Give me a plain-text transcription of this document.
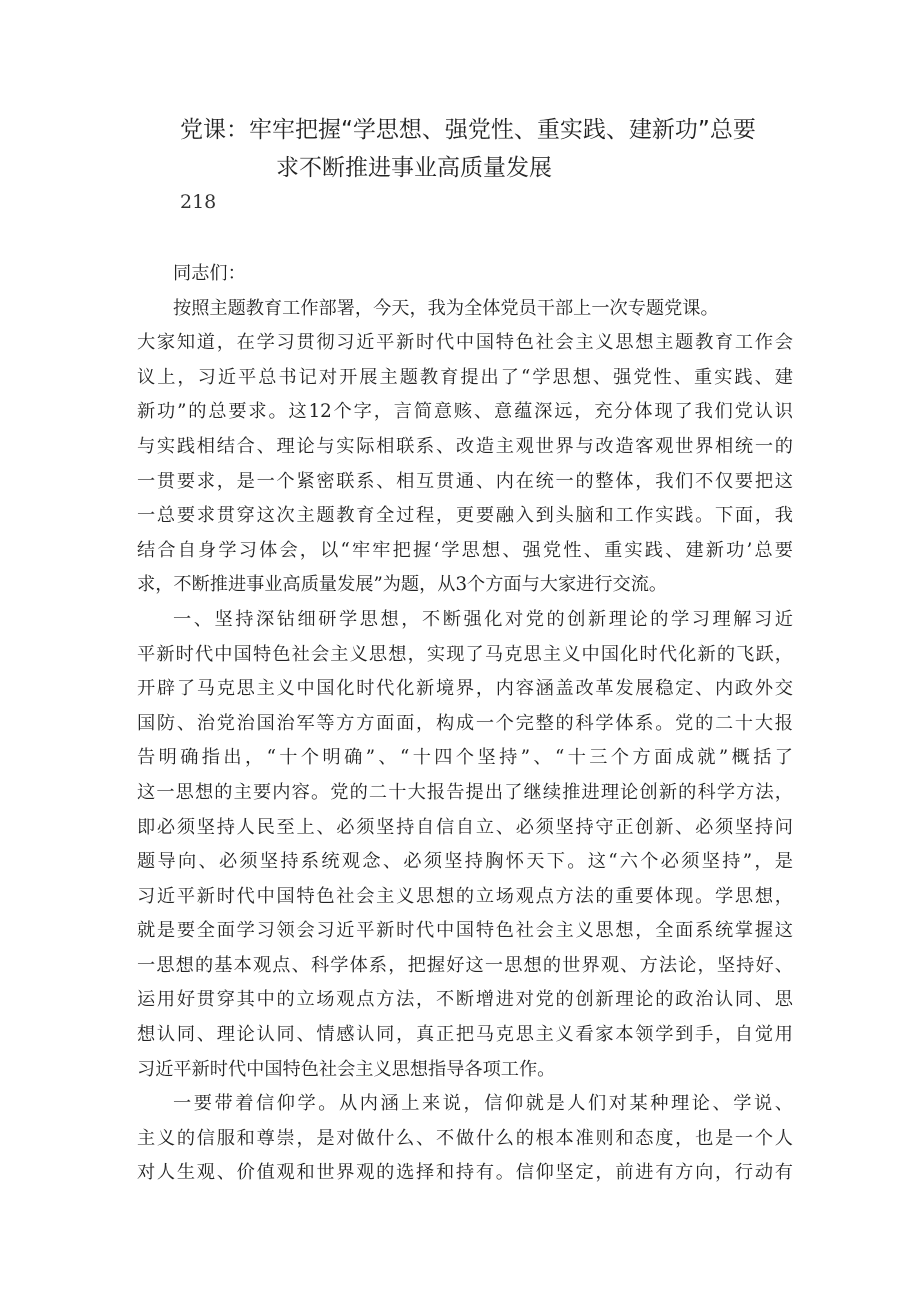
党课：牢牢把握“学思想、强党性、重实践、建新功”总要
求不断推进事业高质量发展
218
同志们：
按照主题教育工作部署，今天，我为全体党员干部上一次专题党课。
大家知道，在学习贯彻习近平新时代中国特色社会主义思想主题教育工作会
议上，习近平总书记对开展主题教育提出了“学思想、强党性、重实践、建
新功”的总要求。这12个字，言简意赅、意蕴深远，充分体现了我们党认识
与实践相结合、理论与实际相联系、改造主观世界与改造客观世界相统一的
一贯要求，是一个紧密联系、相互贯通、内在统一的整体，我们不仅要把这
一总要求贯穿这次主题教育全过程，更要融入到头脑和工作实践。下面，我
结合自身学习体会，以“牢牢把握‘学思想、强党性、重实践、建新功’总要
求，不断推进事业高质量发展”为题，从3个方面与大家进行交流。
一、坚持深钻细研学思想，不断强化对党的创新理论的学习理解习近
平新时代中国特色社会主义思想，实现了马克思主义中国化时代化新的飞跃，
开辟了马克思主义中国化时代化新境界，内容涵盖改革发展稳定、内政外交
国防、治党治国治军等方方面面，构成一个完整的科学体系。党的二十大报
告明确指出，“十个明确”、“十四个坚持”、“十三个方面成就”概括了
这一思想的主要内容。党的二十大报告提出了继续推进理论创新的科学方法，
即必须坚持人民至上、必须坚持自信自立、必须坚持守正创新、必须坚持问
题导向、必须坚持系统观念、必须坚持胸怀天下。这“六个必须坚持”，是
习近平新时代中国特色社会主义思想的立场观点方法的重要体现。学思想，
就是要全面学习领会习近平新时代中国特色社会主义思想，全面系统掌握这
一思想的基本观点、科学体系，把握好这一思想的世界观、方法论，坚持好、
运用好贯穿其中的立场观点方法，不断增进对党的创新理论的政治认同、思
想认同、理论认同、情感认同，真正把马克思主义看家本领学到手，自觉用
习近平新时代中国特色社会主义思想指导各项工作。
一要带着信仰学。从内涵上来说，信仰就是人们对某种理论、学说、
主义的信服和尊崇，是对做什么、不做什么的根本准则和态度，也是一个人
对人生观、价值观和世界观的选择和持有。信仰坚定，前进有方向，行动有
